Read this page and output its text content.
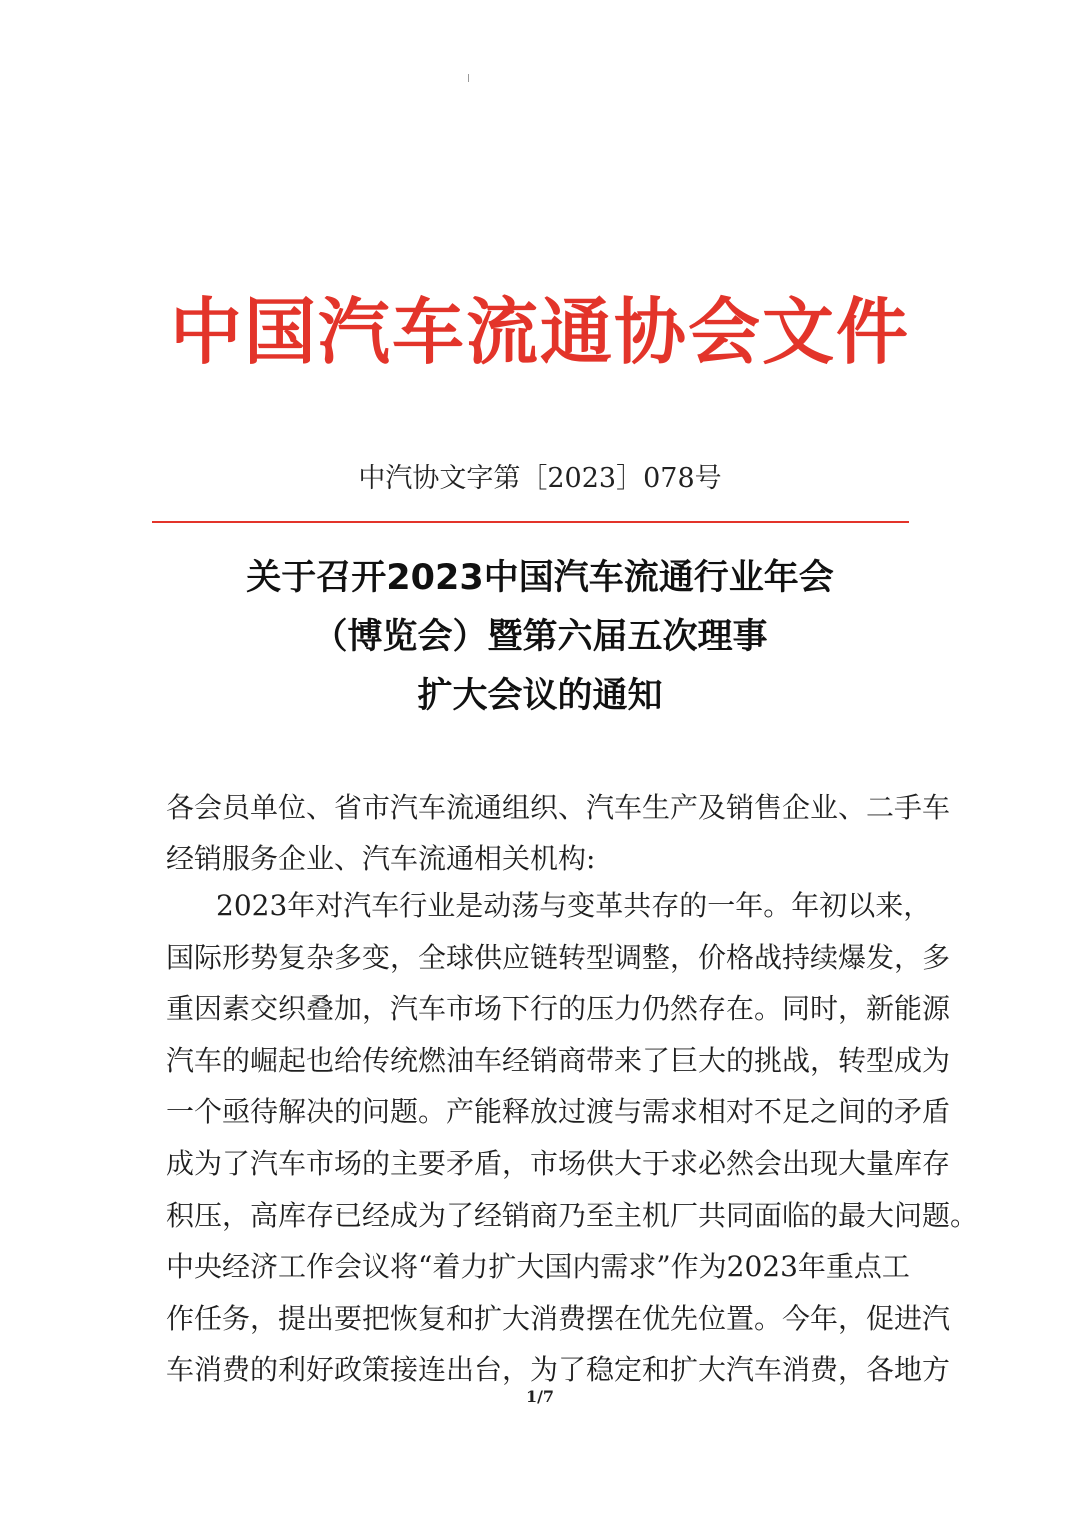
中国汽车流通协会文件
中汽协文字第［2023］078号
关于召开2023中国汽车流通行业年会
（博览会）暨第六届五次理事
扩大会议的通知
各会员单位、省市汽车流通组织、汽车生产及销售企业、二手车
经销服务企业、汽车流通相关机构:
2023年对汽车行业是动荡与变革共存的一年。年初以来，
国际形势复杂多变，全球供应链转型调整，价格战持续爆发，多
重因素交织叠加，汽车市场下行的压力仍然存在。同时，新能源
汽车的崛起也给传统燃油车经销商带来了巨大的挑战，转型成为
一个亟待解决的问题。产能释放过渡与需求相对不足之间的矛盾
成为了汽车市场的主要矛盾，市场供大于求必然会出现大量库存
积压，高库存已经成为了经销商乃至主机厂共同面临的最大问题。
中央经济工作会议将“着力扩大国内需求”作为2023年重点工
作任务，提出要把恢复和扩大消费摆在优先位置。今年，促进汽
车消费的利好政策接连出台，为了稳定和扩大汽车消费，各地方
1/7
